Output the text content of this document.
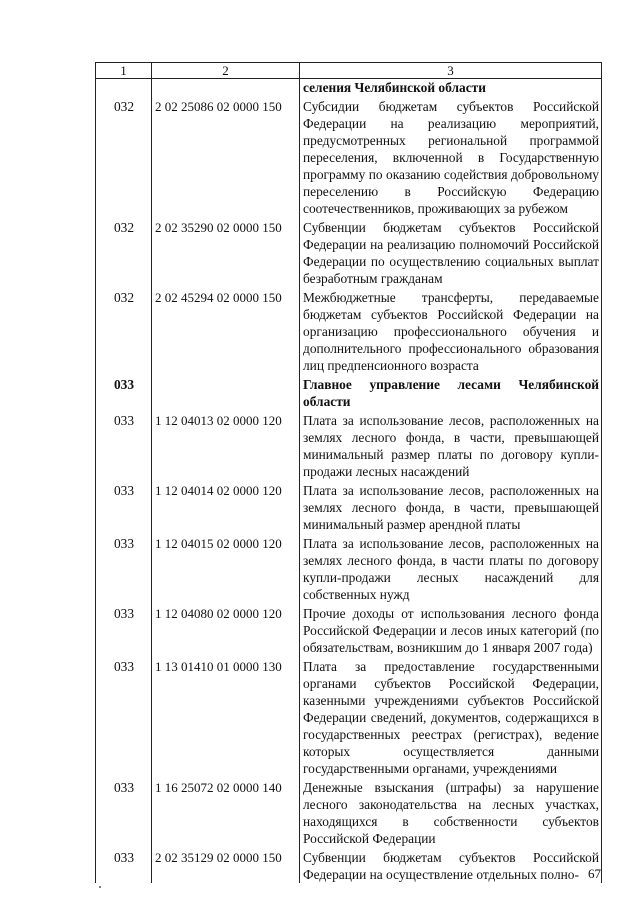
1	2	3
		селения Челябинской области

032	2 02 25086 02 0000 150	Субсидии бюджетам субъектов Российской Федерации на реализацию мероприятий, предусмотренных региональной программой переселения, включенной в Государственную программу по оказанию содействия добровольному переселению в Российскую Федерацию соотечественников, проживающих за рубежом

032	2 02 35290 02 0000 150	Субвенции бюджетам субъектов Российской Федерации на реализацию полномочий Российской Федерации по осуществлению социальных выплат безработным гражданам

032	2 02 45294 02 0000 150	Межбюджетные трансферты, передаваемые бюджетам субъектов Российской Федерации на организацию профессионального обучения и дополнительного профессионального образования лиц предпенсионного возраста

033		Главное управление лесами Челябинской области

033	1 12 04013 02 0000 120	Плата за использование лесов, расположенных на землях лесного фонда, в части, превышающей минимальный размер платы по договору купли-продажи лесных насаждений

033	1 12 04014 02 0000 120	Плата за использование лесов, расположенных на землях лесного фонда, в части, превышающей минимальный размер арендной платы

033	1 12 04015 02 0000 120	Плата за использование лесов, расположенных на землях лесного фонда, в части платы по договору купли-продажи лесных насаждений для собственных нужд

033	1 12 04080 02 0000 120	Прочие доходы от использования лесного фонда Российской Федерации и лесов иных категорий (по обязательствам, возникшим до 1 января 2007 года)

033	1 13 01410 01 0000 130	Плата за предоставление государственными органами субъектов Российской Федерации, казенными учреждениями субъектов Российской Федерации сведений, документов, содержащихся в государственных реестрах (регистрах), ведение которых осуществляется данными государственными органами, учреждениями

033	1 16 25072 02 0000 140	Денежные взыскания (штрафы) за нарушение лесного законодательства на лесных участках, находящихся в собственности субъектов Российской Федерации

033	2 02 35129 02 0000 150	Субвенции бюджетам субъектов Российской Федерации на осуществление отдельных полно- 67
